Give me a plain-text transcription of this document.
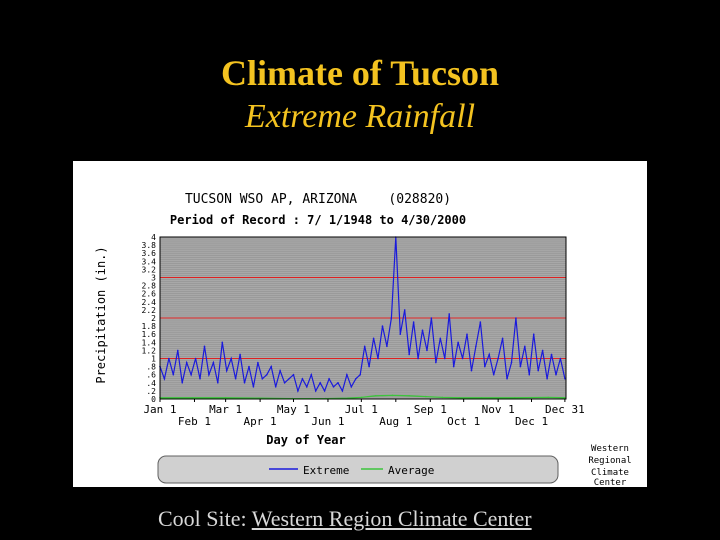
Climate of Tucson
Extreme Rainfall
TUCSON WSO AP, ARIZONA    (028820)
Period of Record : 7/ 1/1948 to 4/30/2000
Precipitation (in.)
0
.2
.4
.6
.8
1
1.2
1.4
1.6
1.8
2
2.2
2.4
2.6
2.8
3
3.2
3.4
3.6
3.8
4
Jan 1	Mar 1	May 1	Jul 1	Sep 1	Nov 1	Dec 31
Feb 1	Apr 1	Jun 1	Aug 1	Oct 1	Dec 1
Day of Year
Extreme	Average
Western
Regional
Climate
Center
Cool Site: Western Region Climate Center
